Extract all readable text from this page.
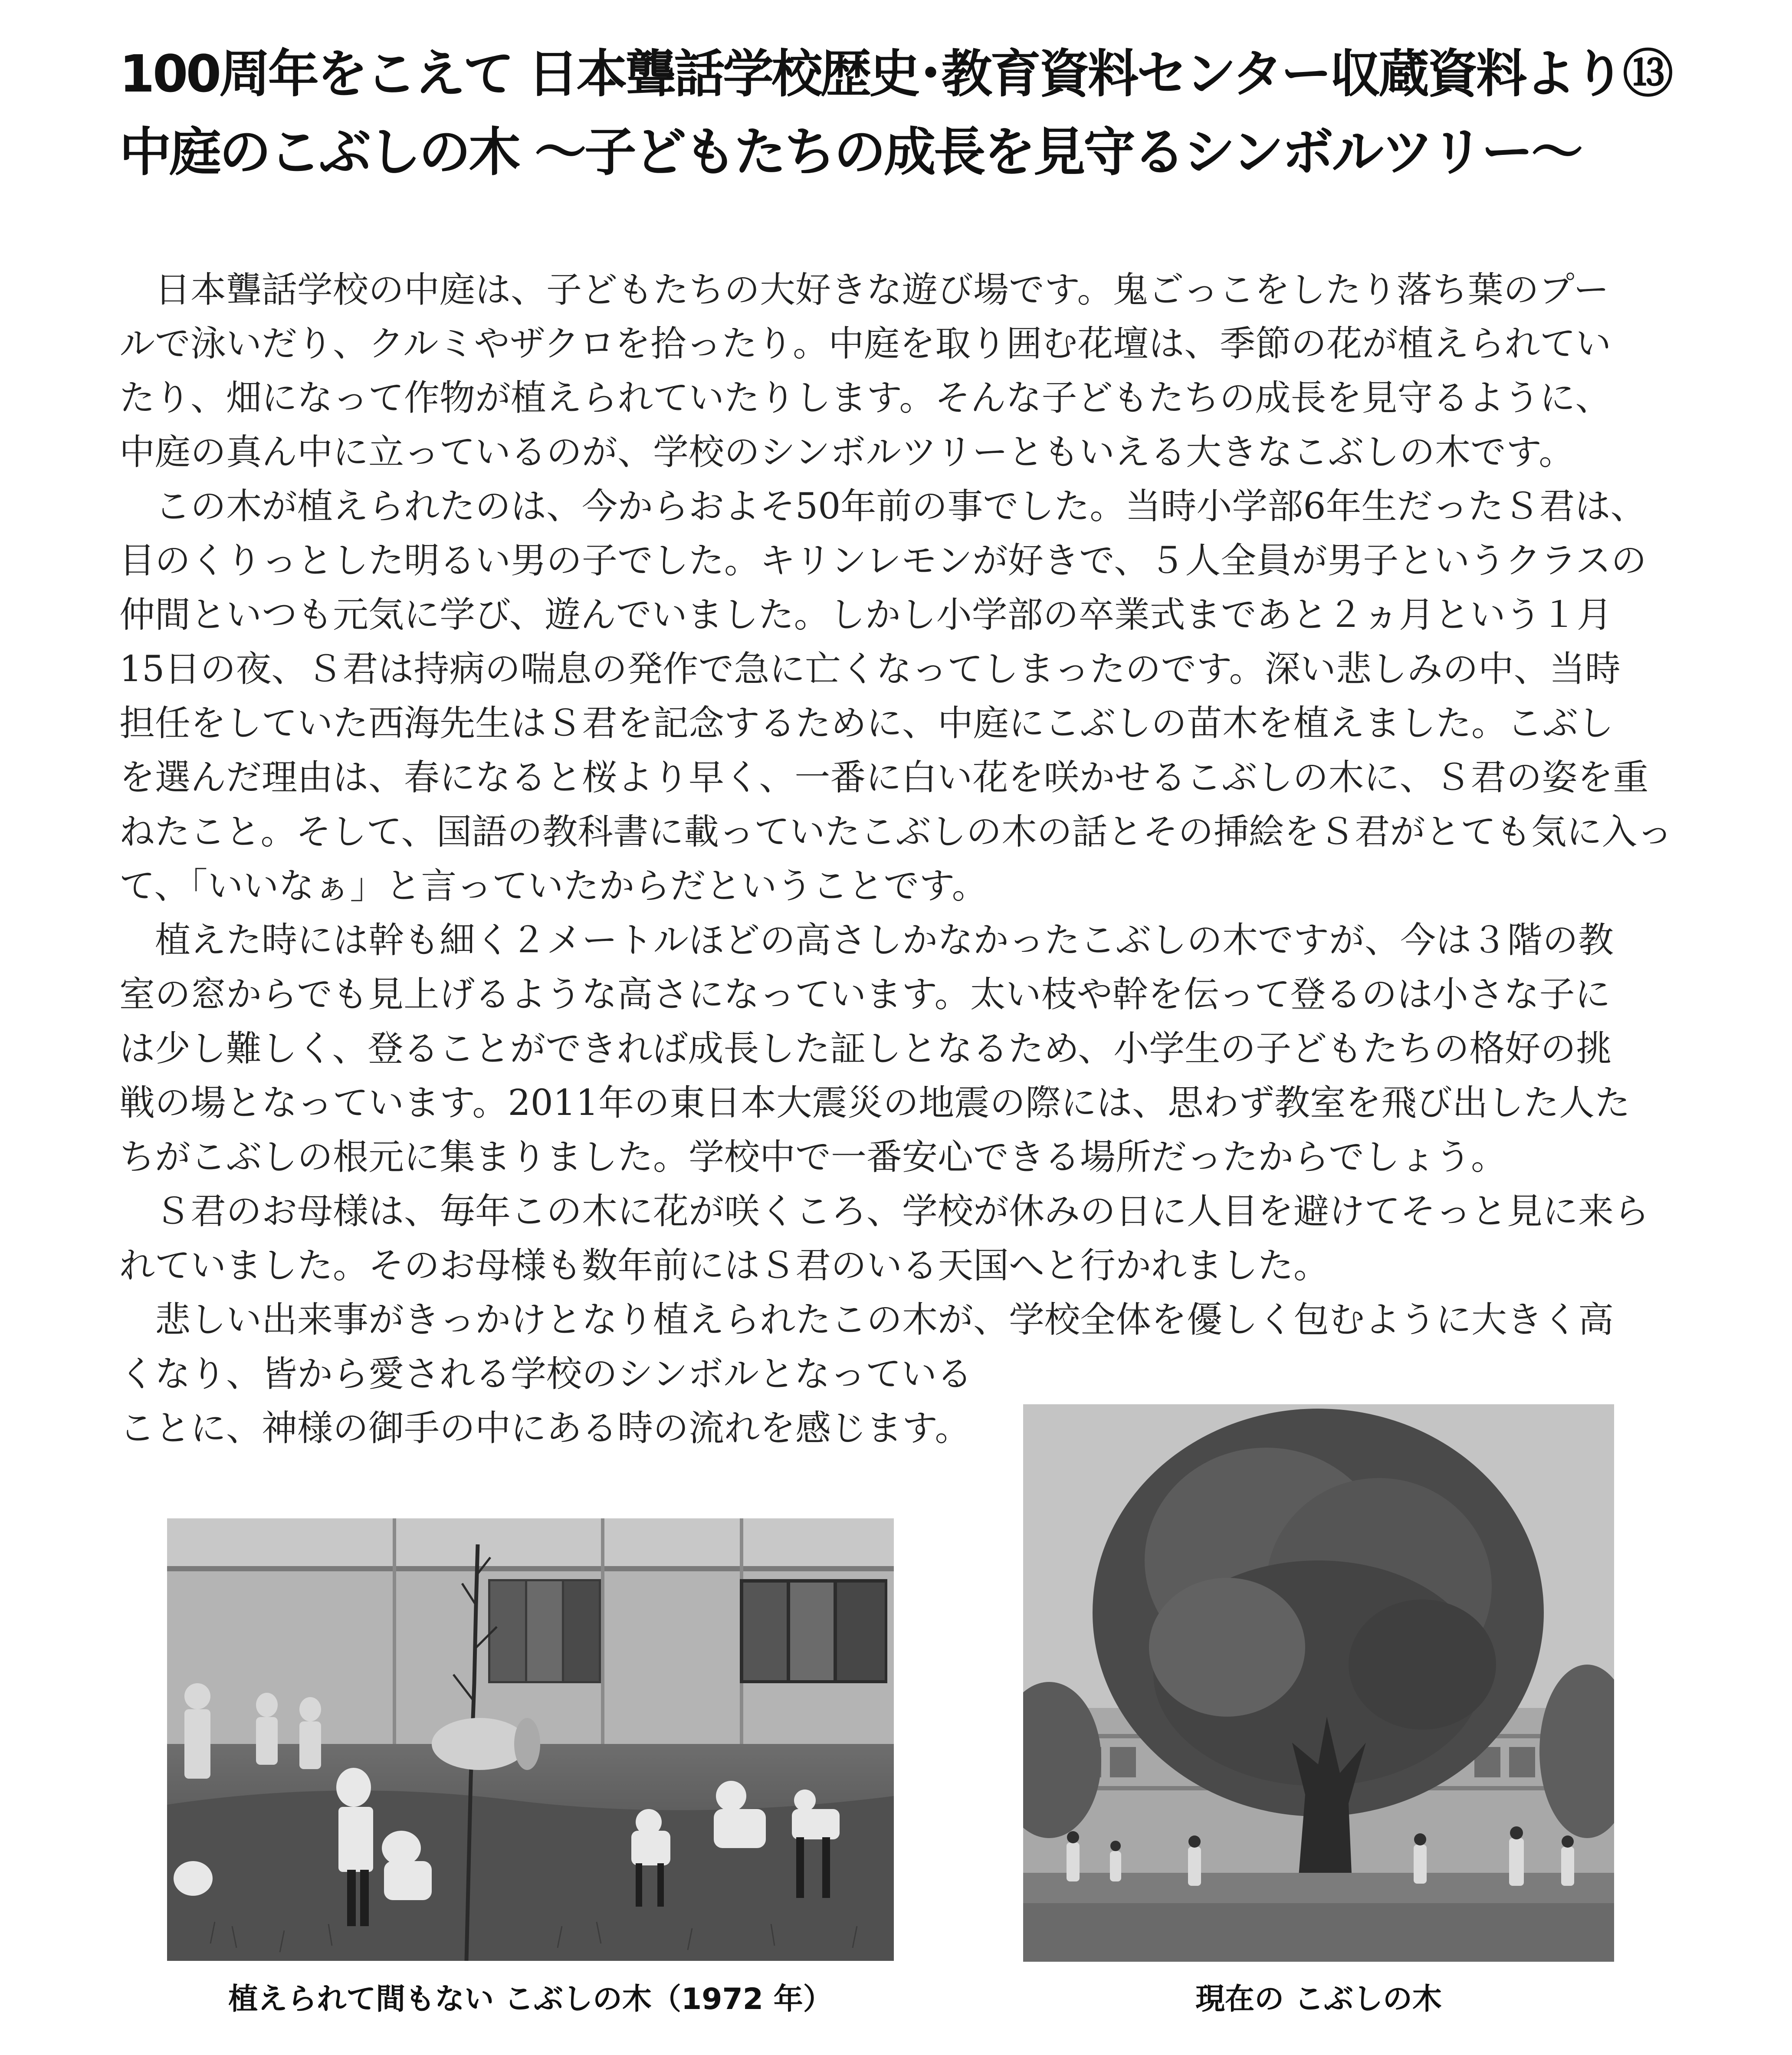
100周年をこえて 日本聾話学校歴史･教育資料センター収蔵資料より⑬
中庭のこぶしの木 〜子どもたちの成長を見守るシンボルツリー〜

　日本聾話学校の中庭は、子どもたちの大好きな遊び場です。鬼ごっこをしたり落ち葉のプー

ルで泳いだり、クルミやザクロを拾ったり。中庭を取り囲む花壇は、季節の花が植えられてい

たり、畑になって作物が植えられていたりします。そんな子どもたちの成長を見守るように、

中庭の真ん中に立っているのが、学校のシンボルツリーともいえる大きなこぶしの木です。

　この木が植えられたのは、今からおよそ50年前の事でした。当時小学部6年生だったＳ君は、

目のくりっとした明るい男の子でした。キリンレモンが好きで、５人全員が男子というクラスの

仲間といつも元気に学び、遊んでいました。しかし小学部の卒業式まであと２ヵ月という１月

15日の夜、Ｓ君は持病の喘息の発作で急に亡くなってしまったのです。深い悲しみの中、当時

担任をしていた西海先生はＳ君を記念するために、中庭にこぶしの苗木を植えました。こぶし

を選んだ理由は、春になると桜より早く、一番に白い花を咲かせるこぶしの木に、Ｓ君の姿を重

ねたこと。そして、国語の教科書に載っていたこぶしの木の話とその挿絵をＳ君がとても気に入っ

て、「いいなぁ」と言っていたからだということです。

　植えた時には幹も細く２メートルほどの高さしかなかったこぶしの木ですが、今は３階の教

室の窓からでも見上げるような高さになっています。太い枝や幹を伝って登るのは小さな子に

は少し難しく、登ることができれば成長した証しとなるため、小学生の子どもたちの格好の挑

戦の場となっています。2011年の東日本大震災の地震の際には、思わず教室を飛び出した人た

ちがこぶしの根元に集まりました。学校中で一番安心できる場所だったからでしょう。

　Ｓ君のお母様は、毎年この木に花が咲くころ、学校が休みの日に人目を避けてそっと見に来ら

れていました。そのお母様も数年前にはＳ君のいる天国へと行かれました。

　悲しい出来事がきっかけとなり植えられたこの木が、学校全体を優しく包むように大きく高

くなり、皆から愛される学校のシンボルとなっている

ことに、神様の御手の中にある時の流れを感じます。

植えられて間もない こぶしの木（1972 年）	現在の こぶしの木
